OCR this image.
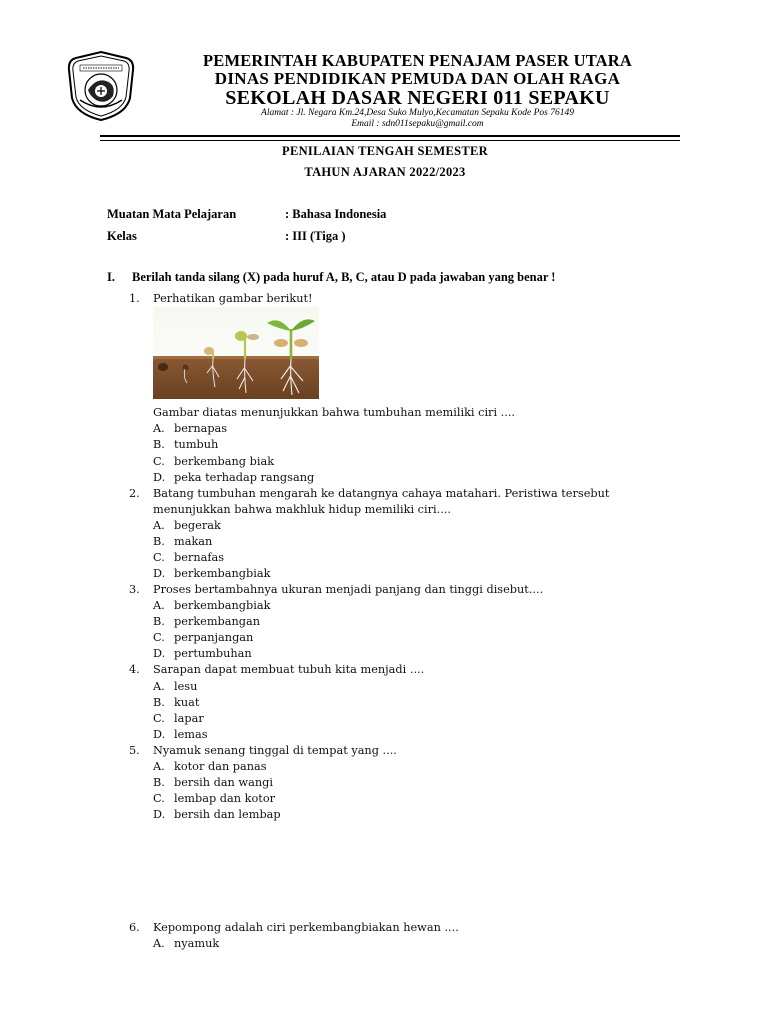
PEMERINTAH KABUPATEN PENAJAM PASER UTARA
DINAS PENDIDIKAN PEMUDA DAN OLAH RAGA
SEKOLAH DASAR NEGERI 011 SEPAKU
Alamat : Jl. Negara Km.24,Desa Suko Mulyo,Kecamatan Sepaku Kode Pos 76149
Email : sdn011sepaku@gmail.com
PENILAIAN TENGAH SEMESTER
TAHUN AJARAN 2022/2023
Muatan Mata Pelajaran	: Bahasa Indonesia
Kelas	: III (Tiga )
I. Berilah tanda silang (X) pada huruf A, B, C, atau D pada jawaban yang benar !
1.	Perhatikan gambar berikut!
Gambar diatas menunjukkan bahwa tumbuhan memiliki ciri ....
A. bernapas
B. tumbuh
C. berkembang biak
D. peka terhadap rangsang
2.	Batang tumbuhan mengarah ke datangnya cahaya matahari. Peristiwa tersebut
menunjukkan bahwa makhluk hidup memiliki ciri....
A. begerak
B. makan
C. bernafas
D. berkembangbiak
3.	Proses bertambahnya ukuran menjadi panjang dan tinggi disebut....
A. berkembangbiak
B. perkembangan
C. perpanjangan
D. pertumbuhan
4.	Sarapan dapat membuat tubuh kita menjadi ....
A. lesu
B. kuat
C. lapar
D. lemas
5.	Nyamuk senang tinggal di tempat yang ....
A. kotor dan panas
B. bersih dan wangi
C. lembap dan kotor
D. bersih dan lembap
6.	Kepompong adalah ciri perkembangbiakan hewan ....
A. nyamuk
